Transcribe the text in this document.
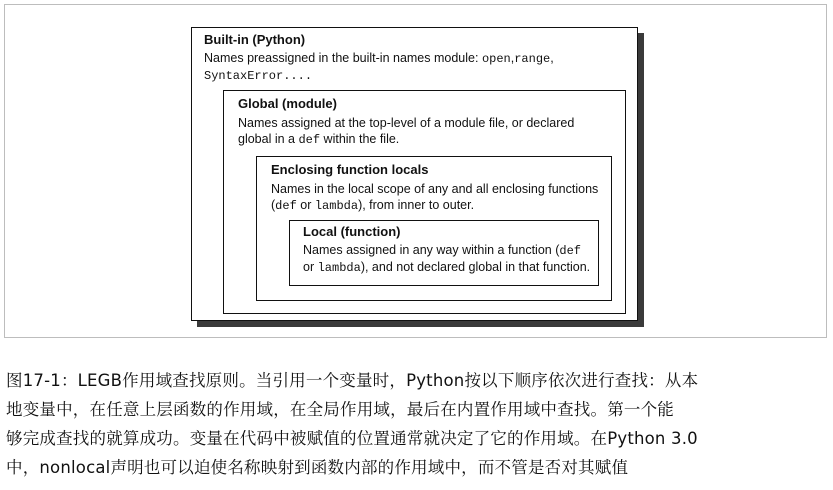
Built-in (Python)
Names preassigned in the built-in names module: open,range,
SyntaxError....
Global (module)
Names assigned at the top-level of a module file, or declared
global in a def within the file.
Enclosing function locals
Names in the local scope of any and all enclosing functions
(def or lambda), from inner to outer.
Local (function)
Names assigned in any way within a function (def
or lambda), and not declared global in that function.
图17-1：LEGB作用域查找原则。当引用一个变量时，Python按以下顺序依次进行查找：从本
地变量中，在任意上层函数的作用域，在全局作用域，最后在内置作用域中查找。第一个能
够完成查找的就算成功。变量在代码中被赋值的位置通常就决定了它的作用域。在Python 3.0
中，nonlocal声明也可以迫使名称映射到函数内部的作用域中，而不管是否对其赋值
